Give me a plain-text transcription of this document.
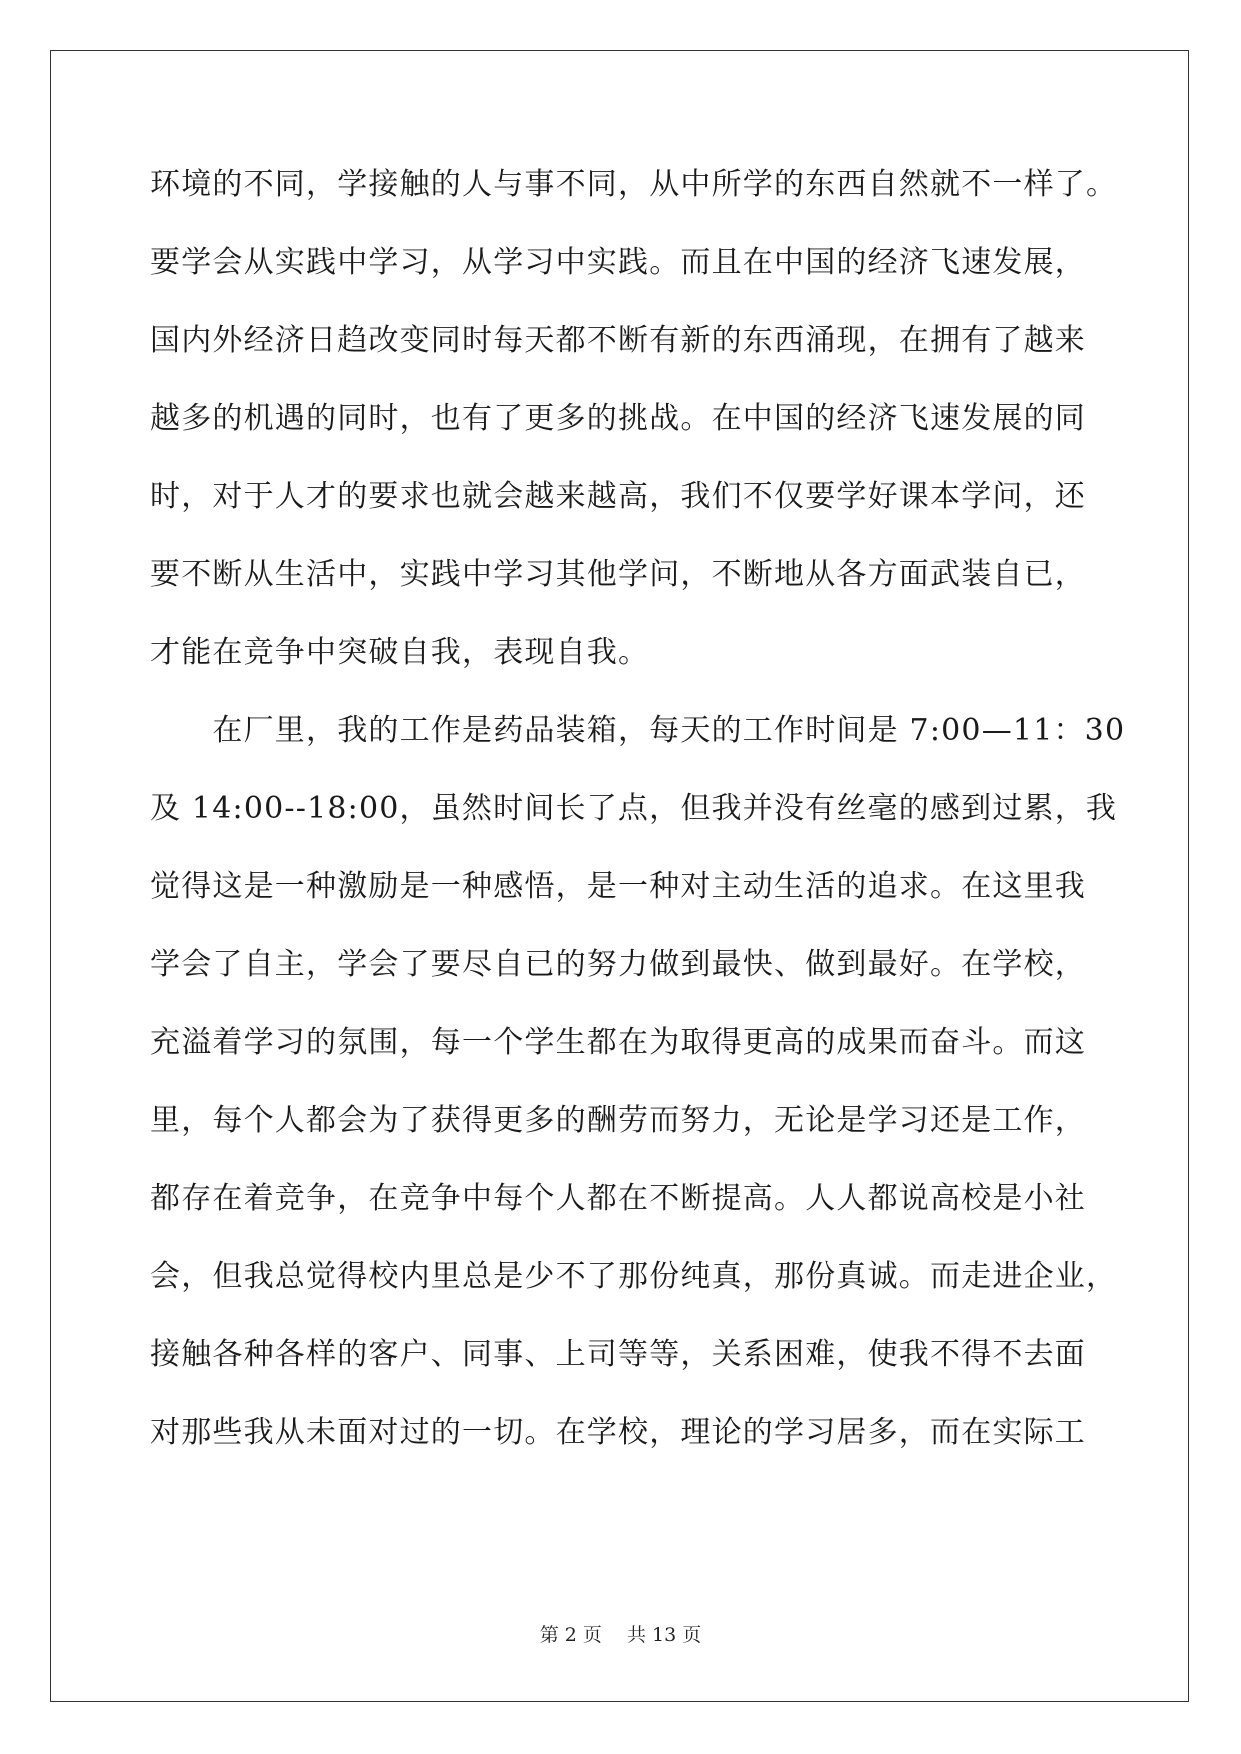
环境的不同，学接触的人与事不同，从中所学的东西自然就不一样了。
要学会从实践中学习，从学习中实践。而且在中国的经济飞速发展，
国内外经济日趋改变同时每天都不断有新的东西涌现，在拥有了越来
越多的机遇的同时，也有了更多的挑战。在中国的经济飞速发展的同
时，对于人才的要求也就会越来越高，我们不仅要学好课本学问，还
要不断从生活中，实践中学习其他学问，不断地从各方面武装自已，
才能在竞争中突破自我，表现自我。
　　在厂里，我的工作是药品装箱，每天的工作时间是 7:00—11：30
及 14:00--18:00，虽然时间长了点，但我并没有丝毫的感到过累，我
觉得这是一种激励是一种感悟，是一种对主动生活的追求。在这里我
学会了自主，学会了要尽自已的努力做到最快、做到最好。在学校，
充溢着学习的氛围，每一个学生都在为取得更高的成果而奋斗。而这
里，每个人都会为了获得更多的酬劳而努力，无论是学习还是工作，
都存在着竞争，在竞争中每个人都在不断提高。人人都说高校是小社
会，但我总觉得校内里总是少不了那份纯真，那份真诚。而走进企业，
接触各种各样的客户、同事、上司等等，关系困难，使我不得不去面
对那些我从未面对过的一切。在学校，理论的学习居多，而在实际工
第 2 页　 共 13 页
